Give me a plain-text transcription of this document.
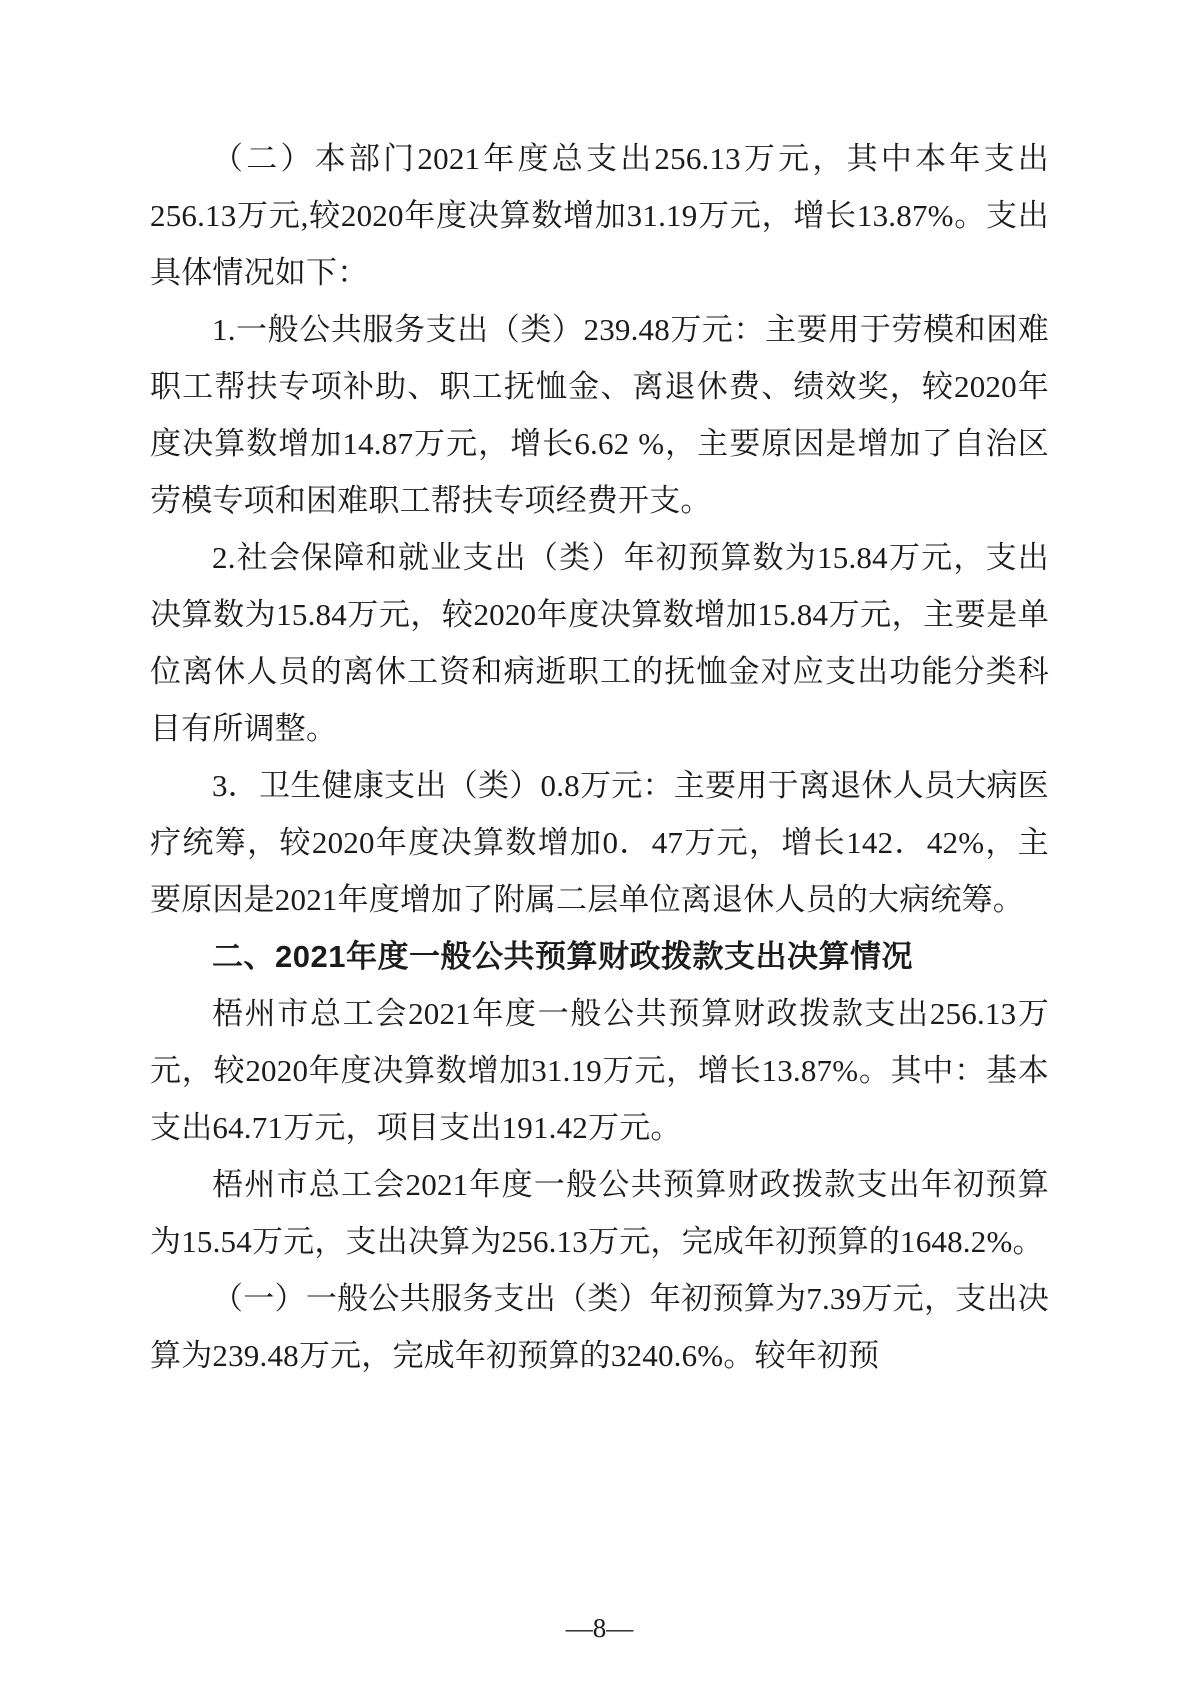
（二）本部门2021年度总支出256.13万元，其中本年支出256.13万元,较2020年度决算数增加31.19万元，增长13.87%。支出具体情况如下：

1.一般公共服务支出（类）239.48万元：主要用于劳模和困难职工帮扶专项补助、职工抚恤金、离退休费、绩效奖，较2020年度决算数增加14.87万元，增长6.62 %，主要原因是增加了自治区劳模专项和困难职工帮扶专项经费开支。

2.社会保障和就业支出（类）年初预算数为15.84万元，支出决算数为15.84万元，较2020年度决算数增加15.84万元，主要是单位离休人员的离休工资和病逝职工的抚恤金对应支出功能分类科目有所调整。

3．卫生健康支出（类）0.8万元：主要用于离退休人员大病医疗统筹，较2020年度决算数增加0．47万元，增长142．42%，主要原因是2021年度增加了附属二层单位离退休人员的大病统筹。

二、2021年度一般公共预算财政拨款支出决算情况

梧州市总工会2021年度一般公共预算财政拨款支出256.13万元，较2020年度决算数增加31.19万元，增长13.87%。其中：基本支出64.71万元，项目支出191.42万元。

梧州市总工会2021年度一般公共预算财政拨款支出年初预算为15.54万元，支出决算为256.13万元，完成年初预算的1648.2%。

（一）一般公共服务支出（类）年初预算为7.39万元，支出决算为239.48万元，完成年初预算的3240.6%。较年初预

—8—
